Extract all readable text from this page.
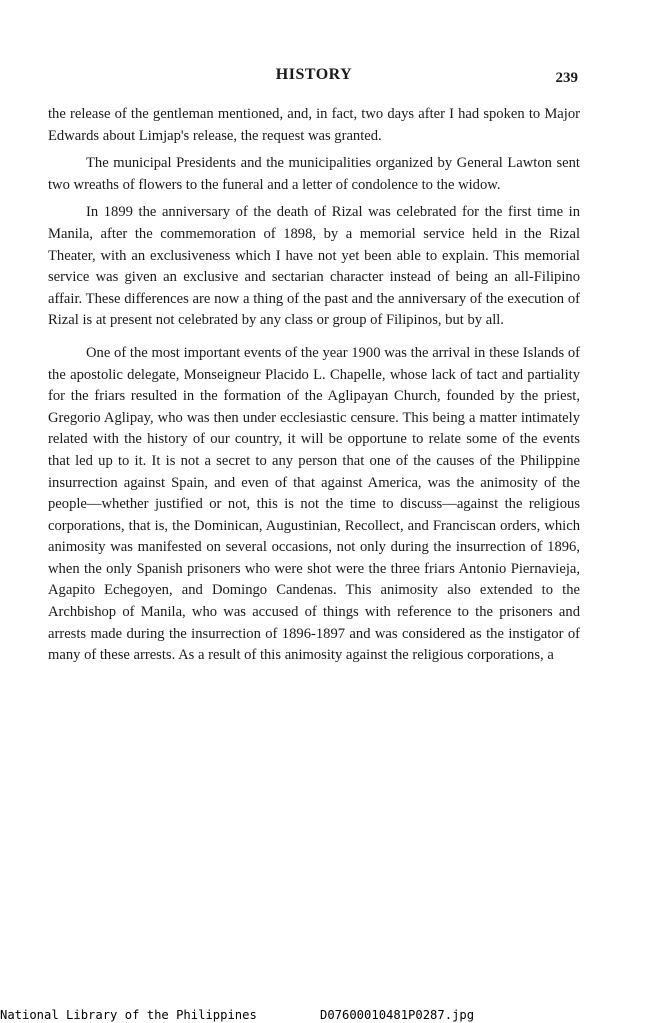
HISTORY	239

the release of the gentleman mentioned, and, in fact, two days after I had spoken to Major Edwards about Limjap's release, the request was granted.

The municipal Presidents and the municipalities organized by General Lawton sent two wreaths of flowers to the funeral and a letter of condolence to the widow.

In 1899 the anniversary of the death of Rizal was celebrated for the first time in Manila, after the commemoration of 1898, by a memorial service held in the Rizal Theater, with an exclusiveness which I have not yet been able to explain. This memorial service was given an exclusive and sectarian character instead of being an all-Filipino affair. These differences are now a thing of the past and the anniversary of the execution of Rizal is at present not celebrated by any class or group of Filipinos, but by all.

One of the most important events of the year 1900 was the arrival in these Islands of the apostolic delegate, Monseigneur Placido L. Chapelle, whose lack of tact and partiality for the friars resulted in the formation of the Aglipayan Church, founded by the priest, Gregorio Aglipay, who was then under ecclesiastic censure. This being a matter intimately related with the history of our country, it will be opportune to relate some of the events that led up to it. It is not a secret to any person that one of the causes of the Philippine insurrection against Spain, and even of that against America, was the animosity of the people—whether justified or not, this is not the time to discuss—against the religious corporations, that is, the Dominican, Augustinian, Recollect, and Franciscan orders, which animosity was manifested on several occasions, not only during the insurrection of 1896, when the only Spanish prisoners who were shot were the three friars Antonio Piernavieja, Agapito Echegoyen, and Domingo Candenas. This animosity also extended to the Archbishop of Manila, who was accused of things with reference to the prisoners and arrests made during the insurrection of 1896-1897 and was considered as the instigator of many of these arrests. As a result of this animosity against the religious corporations, a

National Library of the Philippines	D07600010481P0287.jpg
